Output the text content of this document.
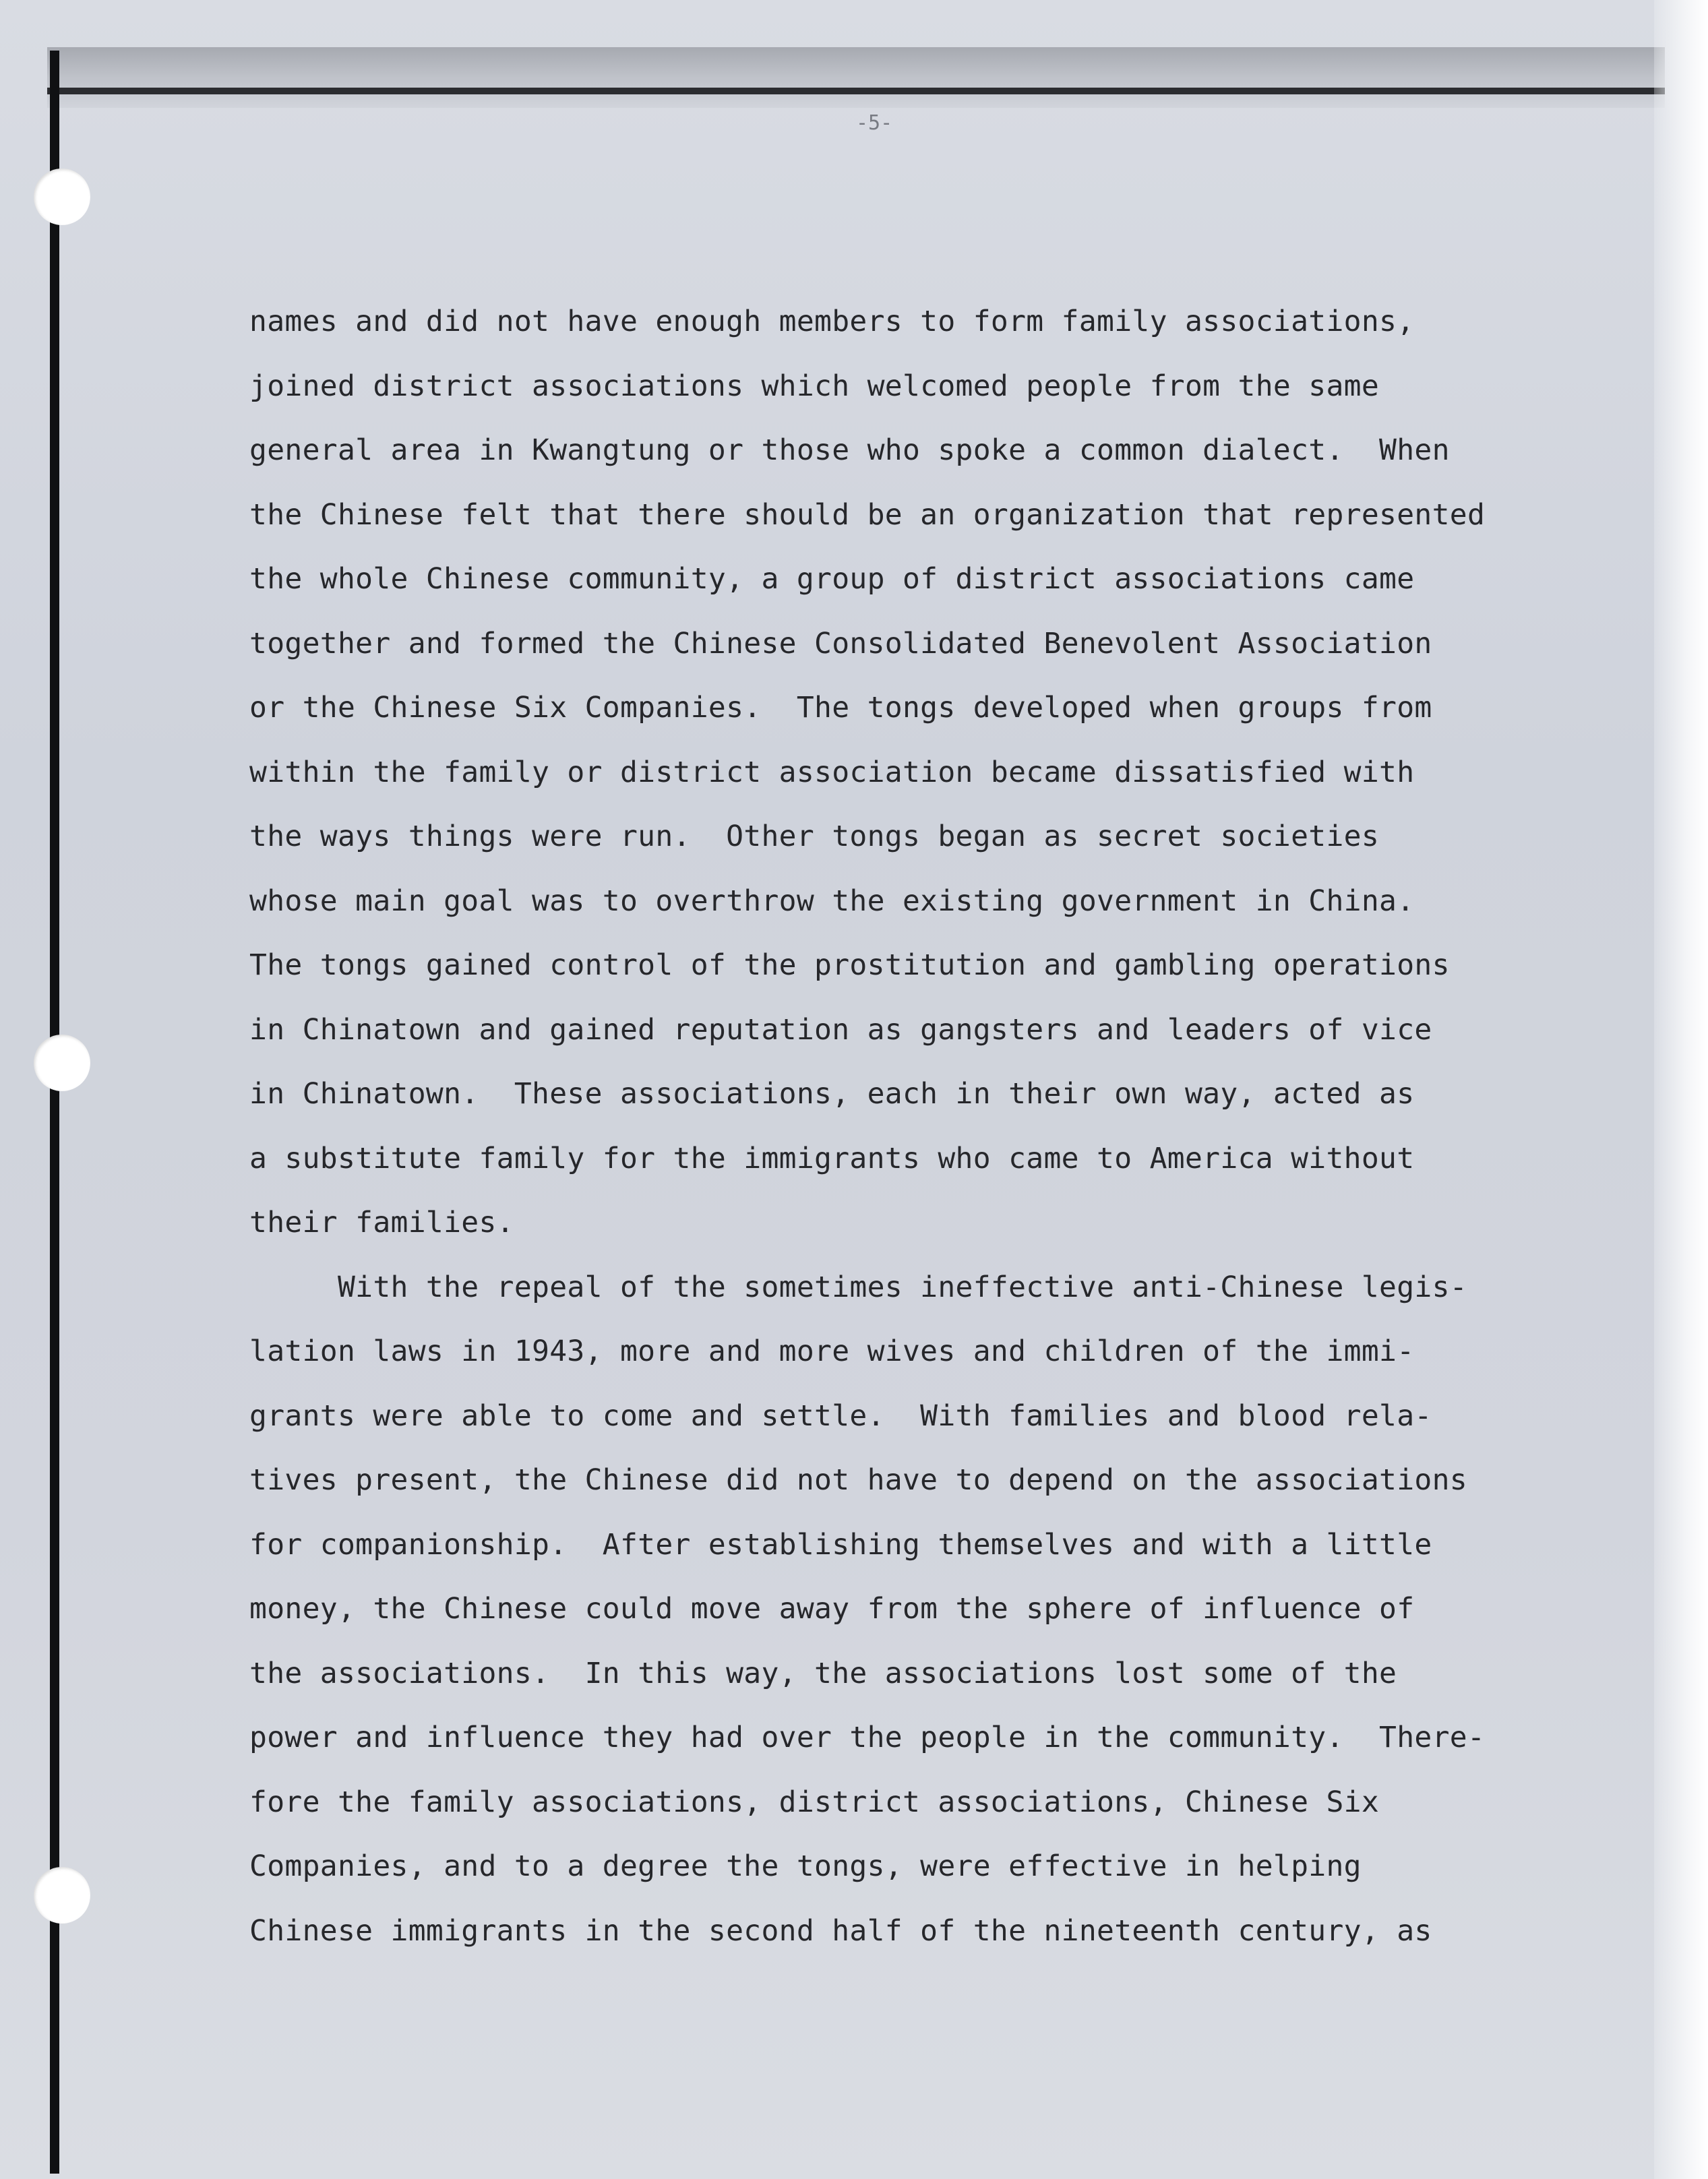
-5-
names and did not have enough members to form family associations,
joined district associations which welcomed people from the same
general area in Kwangtung or those who spoke a common dialect.  When
the Chinese felt that there should be an organization that represented
the whole Chinese community, a group of district associations came
together and formed the Chinese Consolidated Benevolent Association
or the Chinese Six Companies.  The tongs developed when groups from
within the family or district association became dissatisfied with
the ways things were run.  Other tongs began as secret societies
whose main goal was to overthrow the existing government in China.
The tongs gained control of the prostitution and gambling operations
in Chinatown and gained reputation as gangsters and leaders of vice
in Chinatown.  These associations, each in their own way, acted as
a substitute family for the immigrants who came to America without
their families.
With the repeal of the sometimes ineffective anti-Chinese legis-
lation laws in 1943, more and more wives and children of the immi-
grants were able to come and settle.  With families and blood rela-
tives present, the Chinese did not have to depend on the associations
for companionship.  After establishing themselves and with a little
money, the Chinese could move away from the sphere of influence of
the associations.  In this way, the associations lost some of the
power and influence they had over the people in the community.  There-
fore the family associations, district associations, Chinese Six
Companies, and to a degree the tongs, were effective in helping
Chinese immigrants in the second half of the nineteenth century, as
